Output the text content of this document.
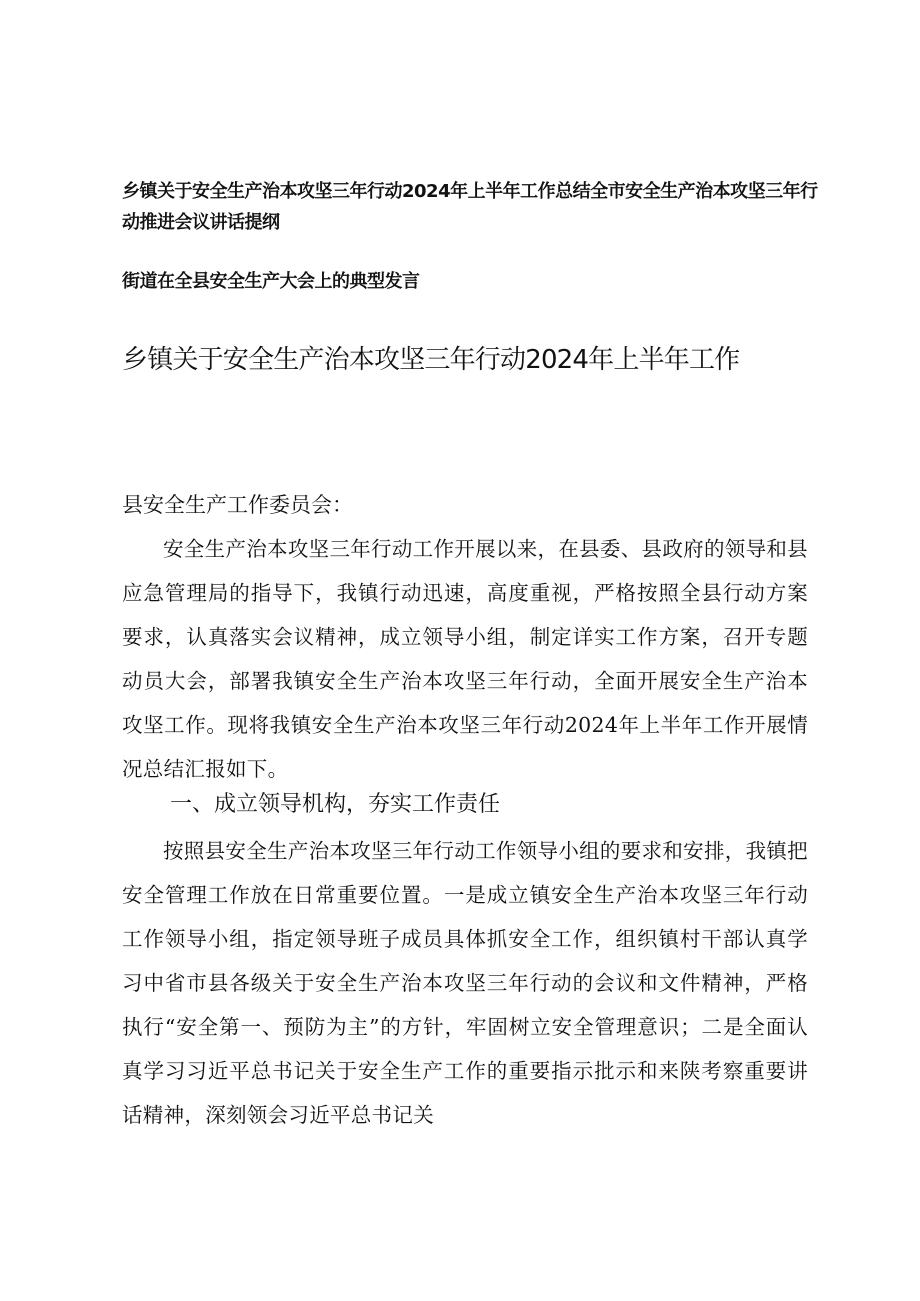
乡镇关于安全生产治本攻坚三年行动2024年上半年工作总结全市安全生产治本攻坚三年行动推进会议讲话提纲
街道在全县安全生产大会上的典型发言
乡镇关于安全生产治本攻坚三年行动2024年上半年工作
县安全生产工作委员会：
安全生产治本攻坚三年行动工作开展以来，在县委、县政府的领导和县应急管理局的指导下，我镇行动迅速，高度重视，严格按照全县行动方案要求，认真落实会议精神，成立领导小组，制定详实工作方案，召开专题动员大会，部署我镇安全生产治本攻坚三年行动，全面开展安全生产治本攻坚工作。现将我镇安全生产治本攻坚三年行动2024年上半年工作开展情况总结汇报如下。
一、成立领导机构，夯实工作责任
按照县安全生产治本攻坚三年行动工作领导小组的要求和安排，我镇把安全管理工作放在日常重要位置。一是成立镇安全生产治本攻坚三年行动工作领导小组，指定领导班子成员具体抓安全工作，组织镇村干部认真学习中省市县各级关于安全生产治本攻坚三年行动的会议和文件精神，严格执行“安全第一、预防为主”的方针，牢固树立安全管理意识；二是全面认真学习习近平总书记关于安全生产工作的重要指示批示和来陕考察重要讲话精神，深刻领会习近平总书记关
